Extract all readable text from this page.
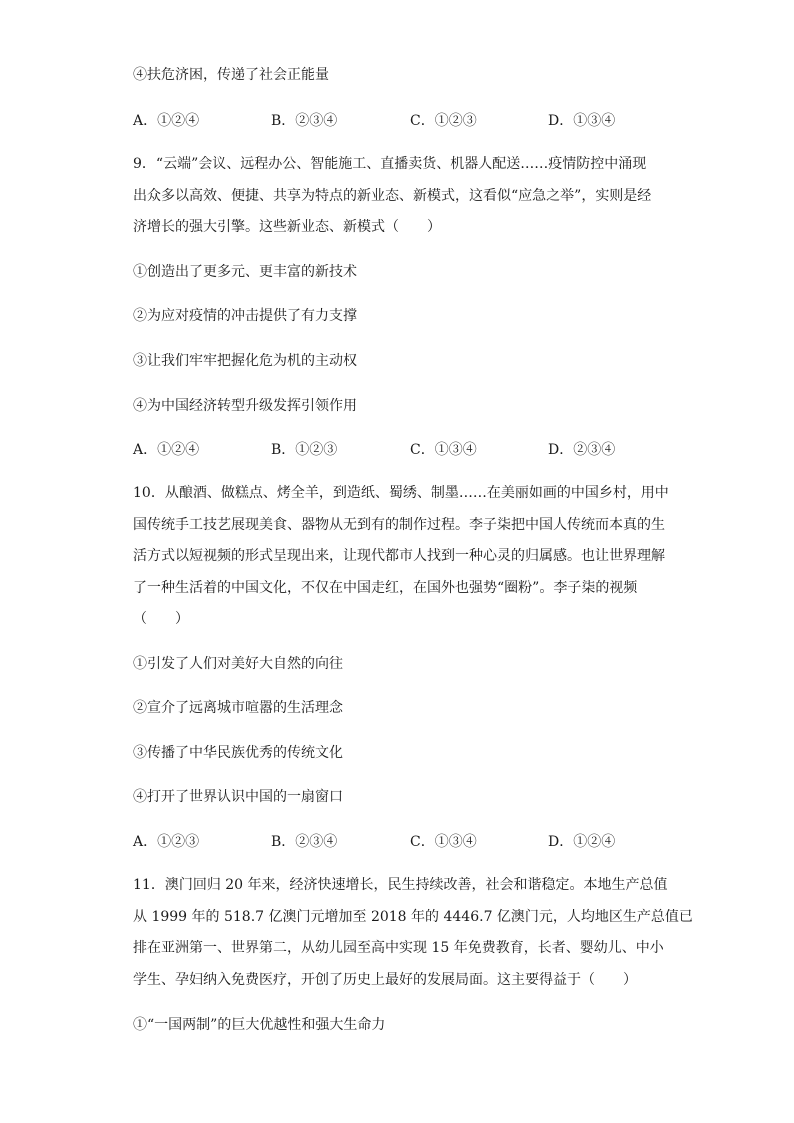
④扶危济困，传递了社会正能量
A．①②④	B．②③④	C．①②③	D．①③④
9．“云端”会议、远程办公、智能施工、直播卖货、机器人配送……疫情防控中涌现
出众多以高效、便捷、共享为特点的新业态、新模式，这看似“应急之举”，实则是经
济增长的强大引擎。这些新业态、新模式（　　）
①创造出了更多元、更丰富的新技术
②为应对疫情的冲击提供了有力支撑
③让我们牢牢把握化危为机的主动权
④为中国经济转型升级发挥引领作用
A．①②④	B．①②③	C．①③④	D．②③④
10．从酿酒、做糕点、烤全羊，到造纸、蜀绣、制墨……在美丽如画的中国乡村，用中
国传统手工技艺展现美食、器物从无到有的制作过程。李子柒把中国人传统而本真的生
活方式以短视频的形式呈现出来，让现代都市人找到一种心灵的归属感。也让世界理解
了一种生活着的中国文化，不仅在中国走红，在国外也强势“圈粉”。李子柒的视频
（　　）
①引发了人们对美好大自然的向往
②宣介了远离城市喧嚣的生活理念
③传播了中华民族优秀的传统文化
④打开了世界认识中国的一扇窗口
A．①②③	B．②③④	C．①③④	D．①②④
11．澳门回归 20 年来，经济快速增长，民生持续改善，社会和谐稳定。本地生产总值
从 1999 年的 518.7 亿澳门元增加至 2018 年的 4446.7 亿澳门元，人均地区生产总值已
排在亚洲第一、世界第二，从幼儿园至高中实现 15 年免费教育，长者、婴幼儿、中小
学生、孕妇纳入免费医疗，开创了历史上最好的发展局面。这主要得益于（　　）
①“一国两制”的巨大优越性和强大生命力
